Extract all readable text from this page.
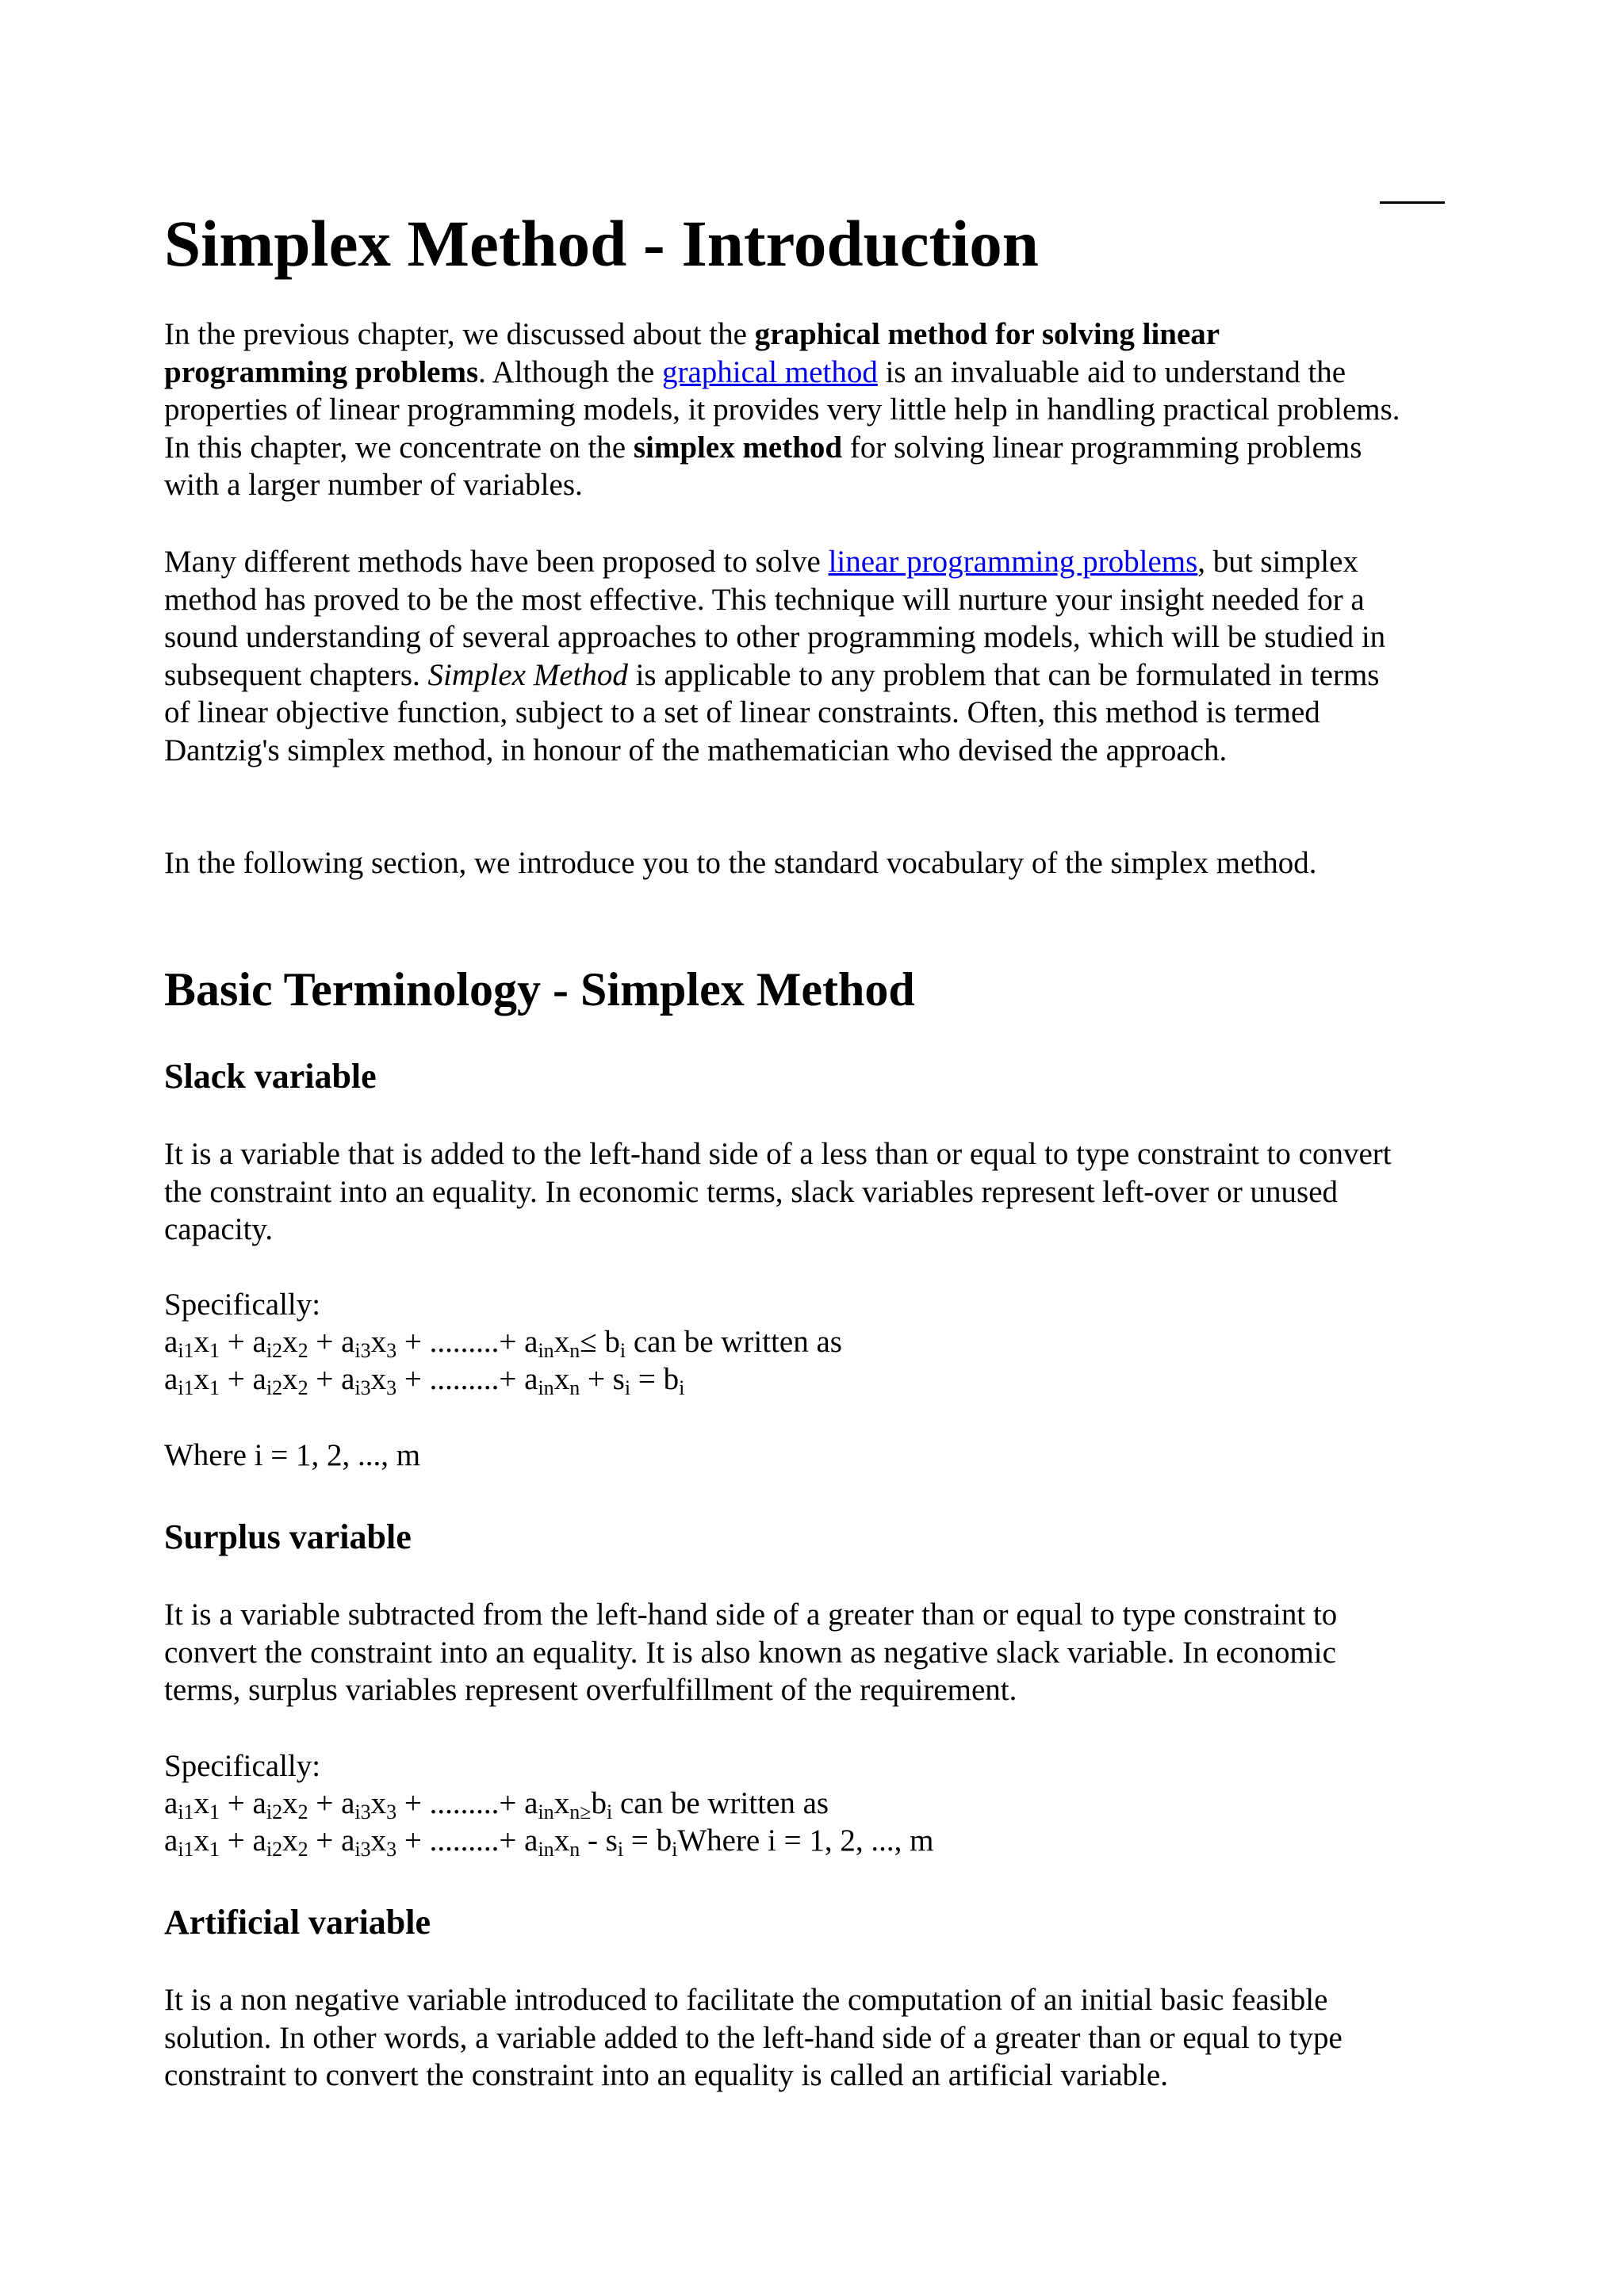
Simplex Method - Introduction

In the previous chapter, we discussed about the graphical method for solving linear programming problems. Although the graphical method is an invaluable aid to understand the properties of linear programming models, it provides very little help in handling practical problems. In this chapter, we concentrate on the simplex method for solving linear programming problems with a larger number of variables.

Many different methods have been proposed to solve linear programming problems, but simplex method has proved to be the most effective. This technique will nurture your insight needed for a sound understanding of several approaches to other programming models, which will be studied in subsequent chapters. Simplex Method is applicable to any problem that can be formulated in terms of linear objective function, subject to a set of linear constraints. Often, this method is termed Dantzig's simplex method, in honour of the mathematician who devised the approach.

In the following section, we introduce you to the standard vocabulary of the simplex method.

Basic Terminology - Simplex Method
Slack variable

It is a variable that is added to the left-hand side of a less than or equal to type constraint to convert the constraint into an equality. In economic terms, slack variables represent left-over or unused capacity.

Specifically:

$a_{i1}x_1 + a_{i2}x_2 + a_{i3}x_3$ + .........+ $a_{in}x_n\le b_i$ can be written as

$a_{i1}x_1 + a_{i2}x_2 + a_{i3}x_3$ + .........+ $a_{in}x_n + s_i = b_i$

Where i = 1, 2, ..., m

Surplus variable

It is a variable subtracted from the left-hand side of a greater than or equal to type constraint to convert the constraint into an equality. It is also known as negative slack variable. In economic terms, surplus variables represent overfulfillment of the requirement.

Specifically:

$a_{i1}x_1 + a_{i2}x_2 + a_{i3}x_3$ + .........+ $a_{in}x_{n\ge}b_i$ can be written as

$a_{i1}x_1 + a_{i2}x_2 + a_{i3}x_3$ + .........+ $a_{in}x_n - s_i$ = $b_iWhere$ i = 1, 2, ..., m

Artificial variable

It is a non negative variable introduced to facilitate the computation of an initial basic feasible solution. In other words, a variable added to the left-hand side of a greater than or equal to type constraint to convert the constraint into an equality is called an artificial variable.
